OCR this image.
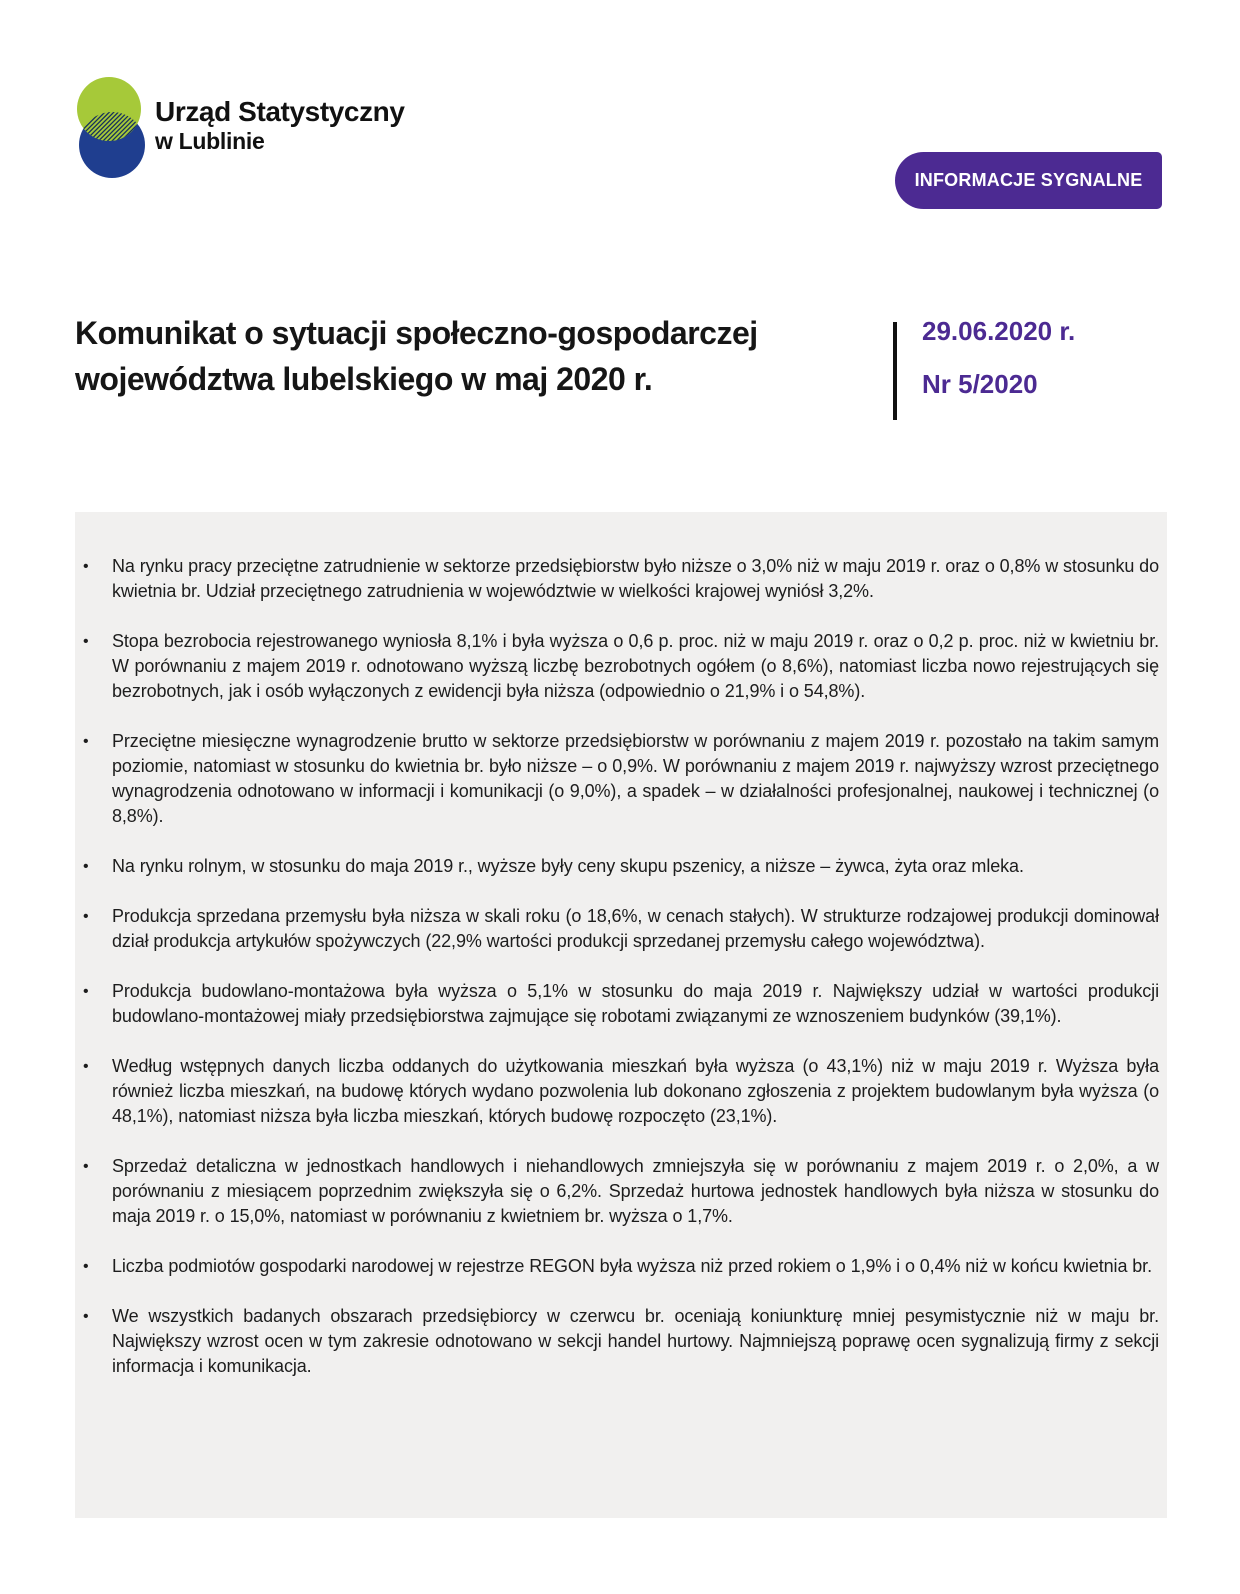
Urząd Statystyczny
w Lublinie
INFORMACJE SYGNALNE
Komunikat o sytuacji społeczno-gospodarczej województwa lubelskiego w maj 2020 r.
29.06.2020 r.
Nr 5/2020
• Na rynku pracy przeciętne zatrudnienie w sektorze przedsiębiorstw było niższe o 3,0% niż w maju 2019 r. oraz o 0,8% w stosunku do kwietnia br. Udział przeciętnego zatrudnienia w województwie w wielkości krajowej wyniósł 3,2%.
• Stopa bezrobocia rejestrowanego wyniosła 8,1% i była wyższa o 0,6 p. proc. niż w maju 2019 r. oraz o 0,2 p. proc. niż w kwietniu br. W porównaniu z majem 2019 r. odnotowano wyższą liczbę bezrobotnych ogółem (o 8,6%), natomiast liczba nowo rejestrujących się bezrobotnych, jak i osób wyłączonych z ewidencji była niższa (odpowiednio o 21,9% i o 54,8%).
• Przeciętne miesięczne wynagrodzenie brutto w sektorze przedsiębiorstw w porównaniu z majem 2019 r. pozostało na takim samym poziomie, natomiast w stosunku do kwietnia br. było niższe – o 0,9%. W porównaniu z majem 2019 r. najwyższy wzrost przeciętnego wynagrodzenia odnotowano w informacji i komunikacji (o 9,0%), a spadek – w działalności profesjonalnej, naukowej i technicznej (o 8,8%).
• Na rynku rolnym, w stosunku do maja 2019 r., wyższe były ceny skupu pszenicy, a niższe – żywca, żyta oraz mleka.
• Produkcja sprzedana przemysłu była niższa w skali roku (o 18,6%, w cenach stałych). W strukturze rodzajowej produkcji dominował dział produkcja artykułów spożywczych (22,9% wartości produkcji sprzedanej przemysłu całego województwa).
• Produkcja budowlano-montażowa była wyższa o 5,1% w stosunku do maja 2019 r. Największy udział w wartości produkcji budowlano-montażowej miały przedsiębiorstwa zajmujące się robotami związanymi ze wznoszeniem budynków (39,1%).
• Według wstępnych danych liczba oddanych do użytkowania mieszkań była wyższa (o 43,1%) niż w maju 2019 r. Wyższa była również liczba mieszkań, na budowę których wydano pozwolenia lub dokonano zgłoszenia z projektem budowlanym była wyższa (o 48,1%), natomiast niższa była liczba mieszkań, których budowę rozpoczęto (23,1%).
• Sprzedaż detaliczna w jednostkach handlowych i niehandlowych zmniejszyła się w porównaniu z majem 2019 r. o 2,0%, a w porównaniu z miesiącem poprzednim zwiększyła się o 6,2%. Sprzedaż hurtowa jednostek handlowych była niższa w stosunku do maja 2019 r. o 15,0%, natomiast w porównaniu z kwietniem br. wyższa o 1,7%.
• Liczba podmiotów gospodarki narodowej w rejestrze REGON była wyższa niż przed rokiem o 1,9% i o 0,4% niż w końcu kwietnia br.
• We wszystkich badanych obszarach przedsiębiorcy w czerwcu br. oceniają koniunkturę mniej pesymistycznie niż w maju br. Największy wzrost ocen w tym zakresie odnotowano w sekcji handel hurtowy. Najmniejszą poprawę ocen sygnalizują firmy z sekcji informacja i komunikacja.
